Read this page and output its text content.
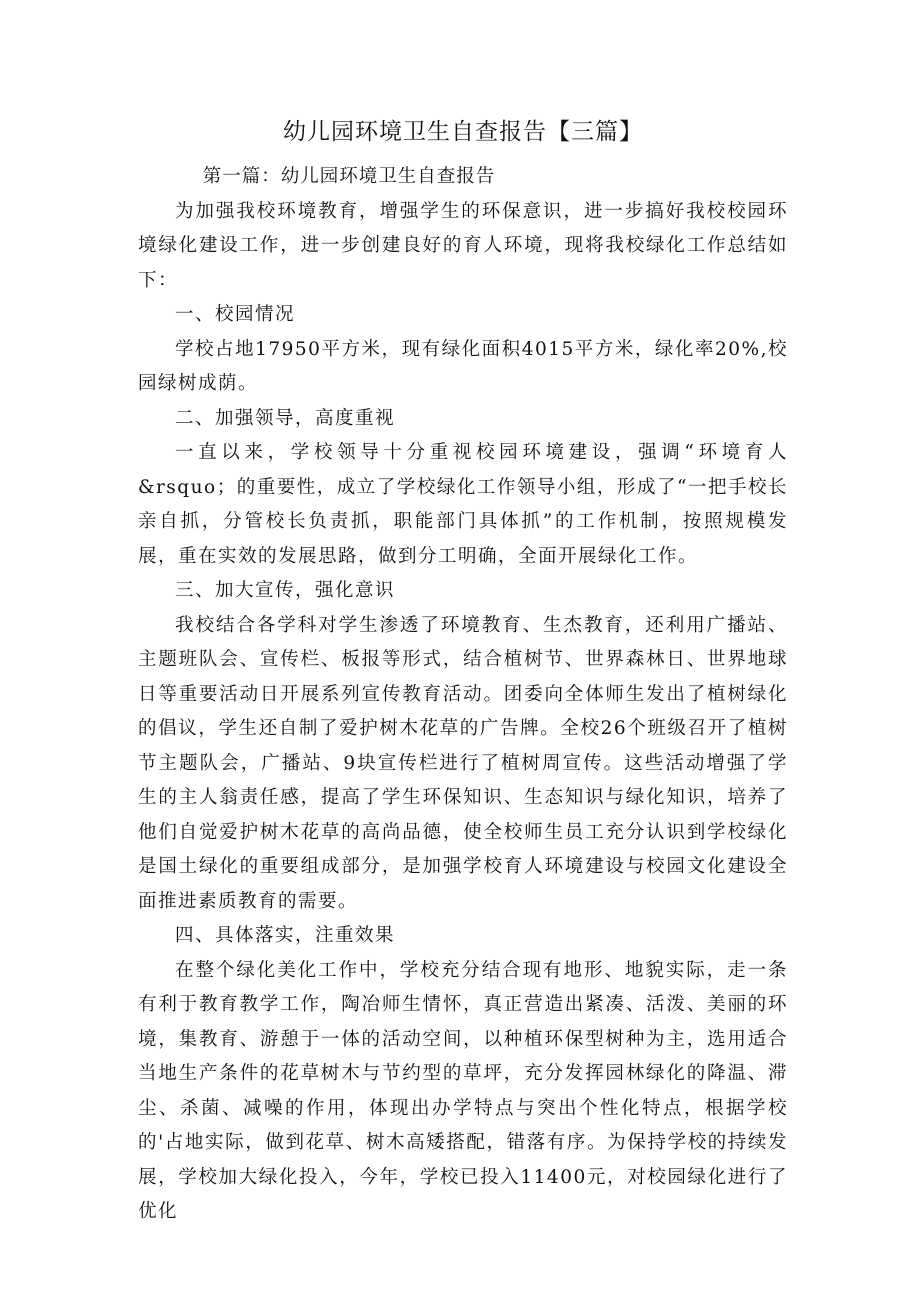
幼儿园环境卫生自查报告【三篇】

第一篇：幼儿园环境卫生自查报告

为加强我校环境教育，增强学生的环保意识，进一步搞好我校校园环境绿化建设工作，进一步创建良好的育人环境，现将我校绿化工作总结如下：

一、校园情况

学校占地17950平方米，现有绿化面积4015平方米，绿化率20%,校园绿树成荫。

二、加强领导，高度重视

一直以来，学校领导十分重视校园环境建设，强调“环境育人&rsquo；的重要性，成立了学校绿化工作领导小组，形成了“一把手校长亲自抓，分管校长负责抓，职能部门具体抓”的工作机制，按照规模发展，重在实效的发展思路，做到分工明确，全面开展绿化工作。

三、加大宣传，强化意识

我校结合各学科对学生渗透了环境教育、生杰教育，还利用广播站、主题班队会、宣传栏、板报等形式，结合植树节、世界森林日、世界地球日等重要活动日开展系列宣传教育活动。团委向全体师生发出了植树绿化的倡议，学生还自制了爱护树木花草的广告牌。全校26个班级召开了植树节主题队会，广播站、9块宣传栏进行了植树周宣传。这些活动增强了学生的主人翁责任感，提高了学生环保知识、生态知识与绿化知识，培养了他们自觉爱护树木花草的高尚品德，使全校师生员工充分认识到学校绿化是国土绿化的重要组成部分，是加强学校育人环境建设与校园文化建设全面推进素质教育的需要。

四、具体落实，注重效果

在整个绿化美化工作中，学校充分结合现有地形、地貌实际，走一条有利于教育教学工作，陶冶师生情怀，真正营造出紧凑、活泼、美丽的环境，集教育、游憩于一体的活动空间，以种植环保型树种为主，选用适合当地生产条件的花草树木与节约型的草坪，充分发挥园林绿化的降温、滞尘、杀菌、减噪的作用，体现出办学特点与突出个性化特点，根据学校的'占地实际，做到花草、树木高矮搭配，错落有序。为保持学校的持续发展，学校加大绿化投入，今年，学校已投入11400元，对校园绿化进行了优化
